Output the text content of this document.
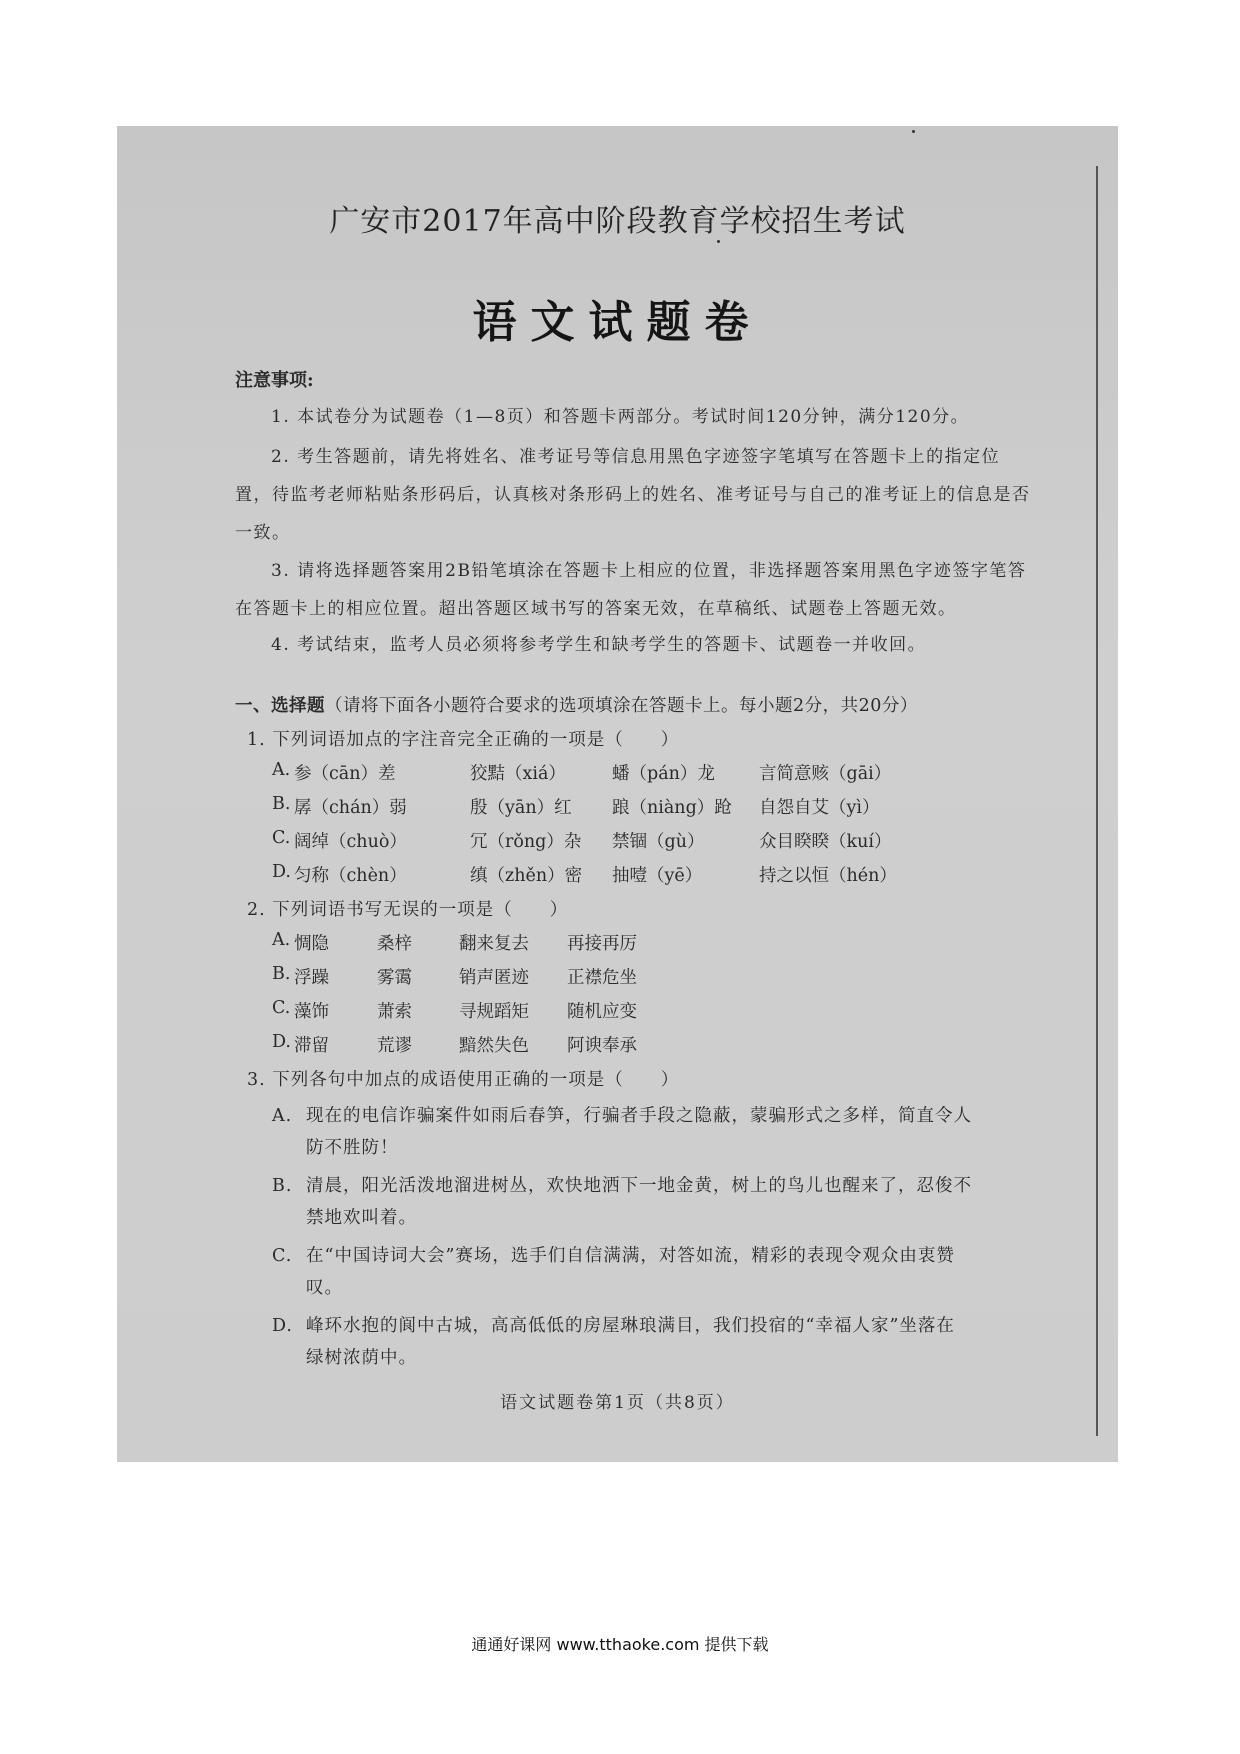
广安市2017年高中阶段教育学校招生考试
语文试题卷
注意事项:

1. 本试卷分为试题卷（1—8页）和答题卡两部分。考试时间120分钟，满分120分。

2. 考生答题前，请先将姓名、准考证号等信息用黑色字迹签字笔填写在答题卡上的指定位置，待监考老师粘贴条形码后，认真核对条形码上的姓名、准考证号与自己的准考证上的信息是否一致。

3. 请将选择题答案用2B铅笔填涂在答题卡上相应的位置，非选择题答案用黑色字迹签字笔答在答题卡上的相应位置。超出答题区域书写的答案无效，在草稿纸、试题卷上答题无效。

4. 考试结束，监考人员必须将参考学生和缺考学生的答题卡、试题卷一并收回。

一、选择题（请将下面各小题符合要求的选项填涂在答题卡上。每小题2分，共20分）
1. 下列词语加点的字注音完全正确的一项是（　　）
A. 参（cān）差	狡黠（xiá）	蟠（pán）龙	言简意赅（gāi）
B. 孱（chán）弱	殷（yān）红 踉（niàng）跄 自怨自艾（yì）
C. 阔绰（chuò）	冗（rǒng）杂 禁锢（gù）	众目睽睽（kuí）
D. 匀称（chèn）	缜（zhěn）密 抽噎（yē）	持之以恒（hén）
2. 下列词语书写无误的一项是（　　）
A. 惆隐	桑梓	翻来复去 再接再厉
B. 浮躁	雾霭	销声匿迹 正襟危坐
C. 藻饰	萧索	寻规蹈矩 随机应变
D. 滞留	荒谬	黯然失色 阿谀奉承
3. 下列各句中加点的成语使用正确的一项是（　　）
A. 现在的电信诈骗案件如雨后春笋，行骗者手段之隐蔽，蒙骗形式之多样，简直令人防不胜防！
B. 清晨，阳光活泼地溜进树丛，欢快地洒下一地金黄，树上的鸟儿也醒来了，忍俊不禁地欢叫着。
C. 在“中国诗词大会”赛场，选手们自信满满，对答如流，精彩的表现令观众由衷赞叹。
D. 峰环水抱的阆中古城，高高低低的房屋琳琅满目，我们投宿的“幸福人家”坐落在绿树浓荫中。
语文试题卷第1页（共8页）
通通好课网 www.tthaoke.com 提供下载
